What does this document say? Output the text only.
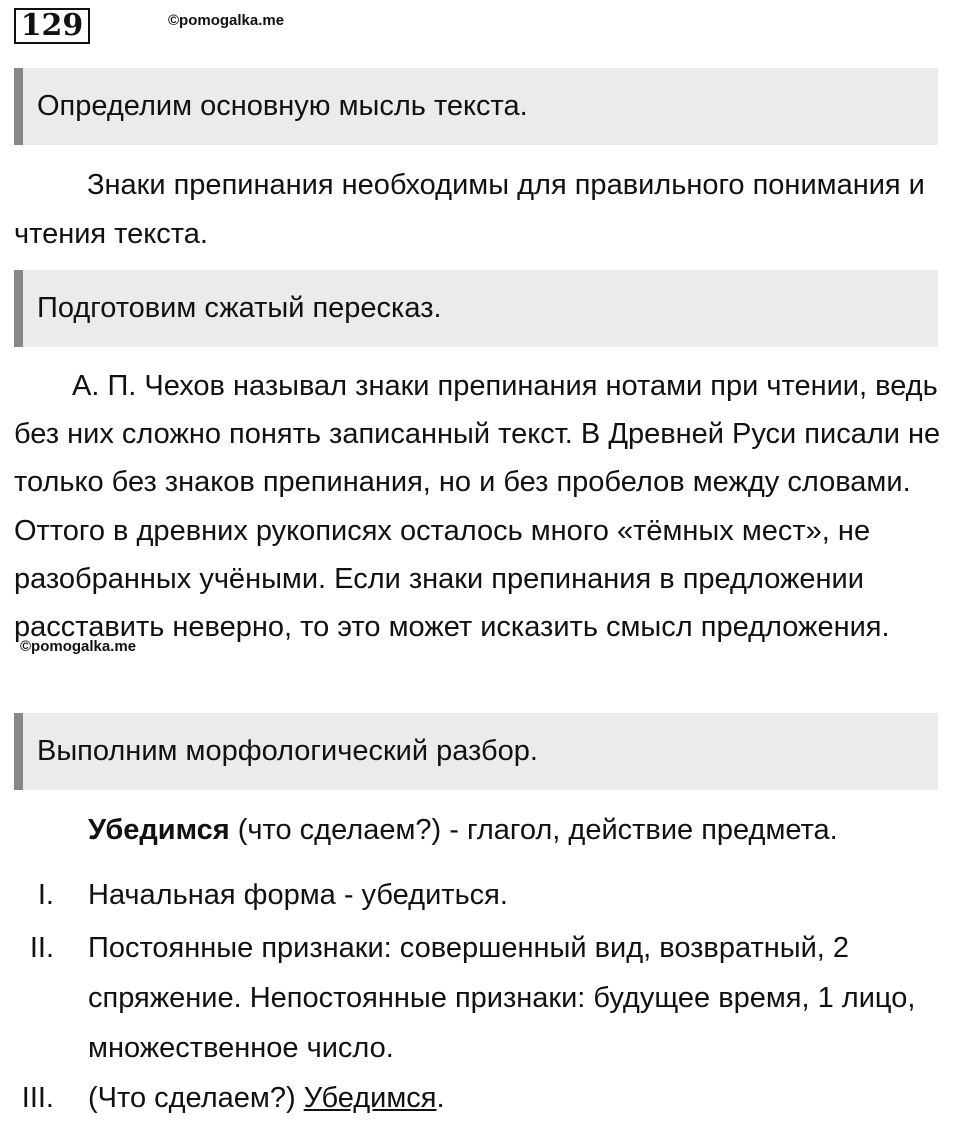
129	©pomogalka.me
Определим основную мысль текста.

Знаки препинания необходимы для правильного понимания и чтения текста.

Подготовим сжатый пересказ.

А. П. Чехов называл знаки препинания нотами при чтении, ведь без них сложно понять записанный текст. В Древней Руси писали не только без знаков препинания, но и без пробелов между словами. Оттого в древних рукописях осталось много «тёмных мест», не разобранных учёными. Если знаки препинания в предложении расставить неверно, то это может исказить смысл предложения.

©pomogalka.me
Выполним морфологический разбор.

Убедимся (что сделаем?) - глагол, действие предмета.

I. Начальная форма - убедиться.
II. Постоянные признаки: совершенный вид, возвратный, 2 спряжение. Непостоянные признаки: будущее время, 1 лицо, множественное число.
III. (Что сделаем?) Убедимся.
